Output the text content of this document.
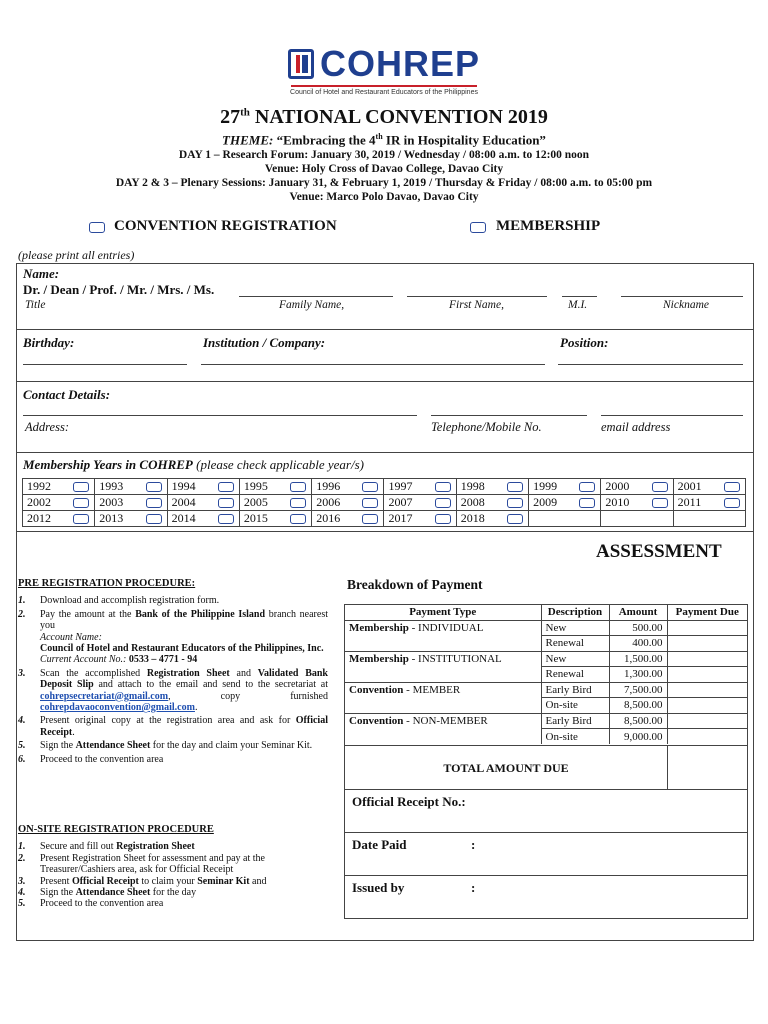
COHREP
Council of Hotel and Restaurant Educators of the Philippines
27th NATIONAL CONVENTION 2019
THEME: “Embracing the 4th IR in Hospitality Education”
DAY 1 – Research Forum: January 30, 2019 / Wednesday / 08:00 a.m. to 12:00 noon
Venue: Holy Cross of Davao College, Davao City
DAY 2 & 3 – Plenary Sessions: January 31, & February 1, 2019 / Thursday & Friday / 08:00 a.m. to 05:00 pm
Venue: Marco Polo Davao, Davao City
CONVENTION REGISTRATION	MEMBERSHIP
(please print all entries)
Name:
Dr. / Dean / Prof. / Mr. / Mrs. / Ms.
Title	Family Name,	First Name,	M.I.	Nickname
Birthday:	Institution / Company:	Position:
Contact Details:
Address:	Telephone/Mobile No.	email address
Membership Years in COHREP (please check applicable year/s)
1992	1993	1994	1995	1996	1997	1998	1999	2000	2001

2002	2003	2004	2005	2006	2007	2008	2009	2010	2011

2012	2013	2014	2015	2016	2017	2018

ASSESSMENT
PRE REGISTRATION PROCEDURE:
1. Download and accomplish registration form.
2. Pay the amount at the Bank of the Philippine Island branch nearest you
Account Name:
Council of Hotel and Restaurant Educators of the Philippines, Inc.
Current Account No.: 0533 – 4771 - 94
3. Scan the accomplished Registration Sheet and Validated Bank Deposit Slip and attach to the email and send to the secretariat at cohrepsecretariat@gmail.com, copy furnished cohrepdavaoconvention@gmail.com.
4. Present original copy at the registration area and ask for Official Receipt.
5. Sign the Attendance Sheet for the day and claim your Seminar Kit.
6. Proceed to the convention area
ON-SITE REGISTRATION PROCEDURE
1. Secure and fill out Registration Sheet
2. Present Registration Sheet for assessment and pay at the Treasurer/Cashiers area, ask for Official Receipt
3. Present Official Receipt to claim your Seminar Kit and
4. Sign the Attendance Sheet for the day
5. Proceed to the convention area
Breakdown of Payment
Payment Type	Description	Amount	Payment Due
Membership - INDIVIDUAL	New	500.00	
	Renewal	400.00	
Membership - INSTITUTIONAL	New	1,500.00	
	Renewal	1,300.00	
Convention - MEMBER	Early Bird	7,500.00	
	On-site	8,500.00	
Convention - NON-MEMBER	Early Bird	8,500.00	
	On-site	9,000.00	
TOTAL AMOUNT DUE
Official Receipt No.:
Date Paid	:
Issued by	:
